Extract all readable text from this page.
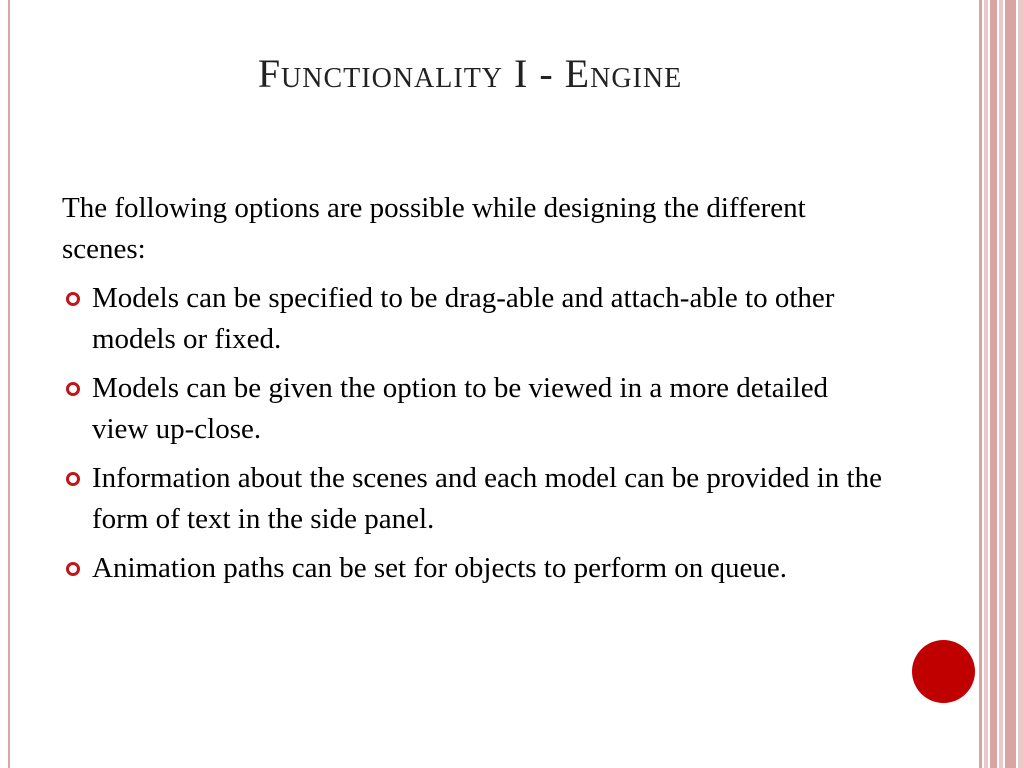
Functionality I - Engine

The following options are possible while designing the different scenes:

Models can be specified to be drag-able and attach-able to other models or fixed.
Models can be given the option to be viewed in a more detailed view up-close.
Information about the scenes and each model can be provided in the form of text in the side panel.
Animation paths can be set for objects to perform on queue.
